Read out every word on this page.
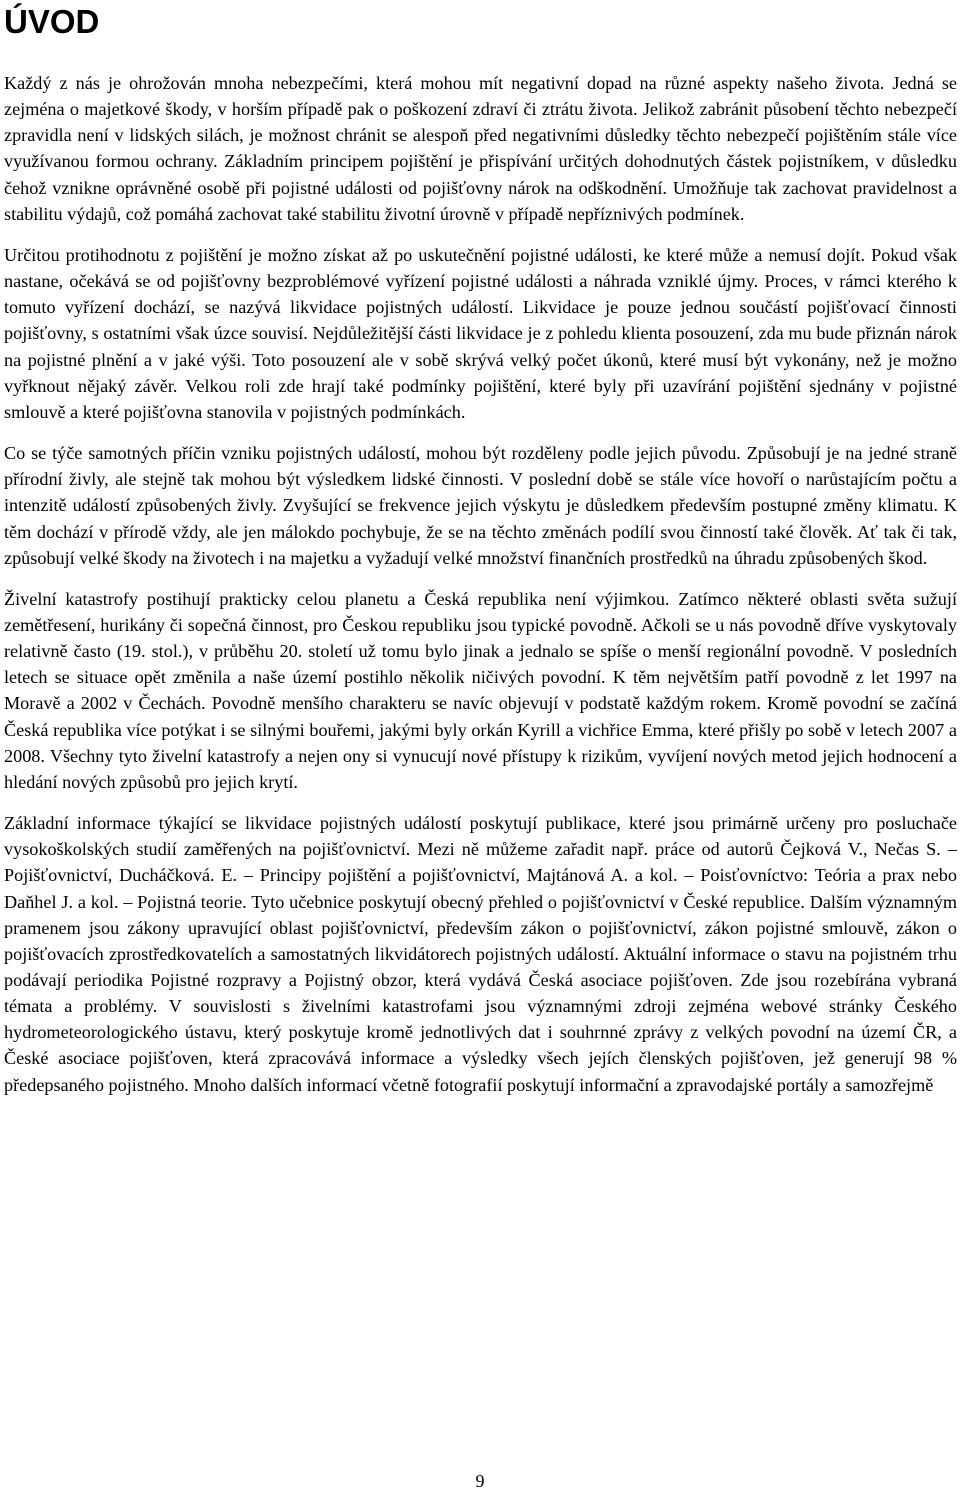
ÚVOD

Každý z nás je ohrožován mnoha nebezpečími, která mohou mít negativní dopad na různé aspekty našeho života. Jedná se zejména o majetkové škody, v horším případě pak o poškození zdraví či ztrátu života. Jelikož zabránit působení těchto nebezpečí zpravidla není v lidských silách, je možnost chránit se alespoň před negativními důsledky těchto nebezpečí pojištěním stále více využívanou formou ochrany. Základním principem pojištění je přispívání určitých dohodnutých částek pojistníkem, v důsledku čehož vznikne oprávněné osobě při pojistné události od pojišťovny nárok na odškodnění. Umožňuje tak zachovat pravidelnost a stabilitu výdajů, což pomáhá zachovat také stabilitu životní úrovně v případě nepříznivých podmínek.

Určitou protihodnotu z pojištění je možno získat až po uskutečnění pojistné události, ke které může a nemusí dojít. Pokud však nastane, očekává se od pojišťovny bezproblémové vyřízení pojistné události a náhrada vzniklé újmy. Proces, v rámci kterého k tomuto vyřízení dochází, se nazývá likvidace pojistných událostí. Likvidace je pouze jednou součástí pojišťovací činnosti pojišťovny, s ostatními však úzce souvisí. Nejdůležitější části likvidace je z pohledu klienta posouzení, zda mu bude přiznán nárok na pojistné plnění a v jaké výši. Toto posouzení ale v sobě skrývá velký počet úkonů, které musí být vykonány, než je možno vyřknout nějaký závěr. Velkou roli zde hrají také podmínky pojištění, které byly při uzavírání pojištění sjednány v pojistné smlouvě a které pojišťovna stanovila v pojistných podmínkách.

Co se týče samotných příčin vzniku pojistných událostí, mohou být rozděleny podle jejich původu. Způsobují je na jedné straně přírodní živly, ale stejně tak mohou být výsledkem lidské činnosti. V poslední době se stále více hovoří o narůstajícím počtu a intenzitě událostí způsobených živly. Zvyšující se frekvence jejich výskytu je důsledkem především postupné změny klimatu. K těm dochází v přírodě vždy, ale jen málokdo pochybuje, že se na těchto změnách podílí svou činností také člověk. Ať tak či tak, způsobují velké škody na životech i na majetku a vyžadují velké množství finančních prostředků na úhradu způsobených škod.

Živelní katastrofy postihují prakticky celou planetu a Česká republika není výjimkou. Zatímco některé oblasti světa sužují zemětřesení, hurikány či sopečná činnost, pro Českou republiku jsou typické povodně. Ačkoli se u nás povodně dříve vyskytovaly relativně často (19. stol.), v průběhu 20. století už tomu bylo jinak a jednalo se spíše o menší regionální povodně. V posledních letech se situace opět změnila a naše území postihlo několik ničivých povodní. K těm největším patří povodně z let 1997 na Moravě a 2002 v Čechách. Povodně menšího charakteru se navíc objevují v podstatě každým rokem. Kromě povodní se začíná Česká republika více potýkat i se silnými bouřemi, jakými byly orkán Kyrill a vichřice Emma, které přišly po sobě v letech 2007 a 2008. Všechny tyto živelní katastrofy a nejen ony si vynucují nové přístupy k rizikům, vyvíjení nových metod jejich hodnocení a hledání nových způsobů pro jejich krytí.

Základní informace týkající se likvidace pojistných událostí poskytují publikace, které jsou primárně určeny pro posluchače vysokoškolských studií zaměřených na pojišťovnictví. Mezi ně můžeme zařadit např. práce od autorů Čejková V., Nečas S. – Pojišťovnictví, Ducháčková. E. – Principy pojištění a pojišťovnictví, Majtánová A. a kol. – Poisťovníctvo: Teória a prax nebo Daňhel J. a kol. – Pojistná teorie. Tyto učebnice poskytují obecný přehled o pojišťovnictví v České republice. Dalším významným pramenem jsou zákony upravující oblast pojišťovnictví, především zákon o pojišťovnictví, zákon pojistné smlouvě, zákon o pojišťovacích zprostředkovatelích a samostatných likvidátorech pojistných událostí. Aktuální informace o stavu na pojistném trhu podávají periodika Pojistné rozpravy a Pojistný obzor, která vydává Česká asociace pojišťoven. Zde jsou rozebírána vybraná témata a problémy. V souvislosti s živelními katastrofami jsou významnými zdroji zejména webové stránky Českého hydrometeorologického ústavu, který poskytuje kromě jednotlivých dat i souhrnné zprávy z velkých povodní na území ČR, a České asociace pojišťoven, která zpracovává informace a výsledky všech jejích členských pojišťoven, jež generují 98 % předepsaného pojistného. Mnoho dalších informací včetně fotografií poskytují informační a zpravodajské portály a samozřejmě

9
